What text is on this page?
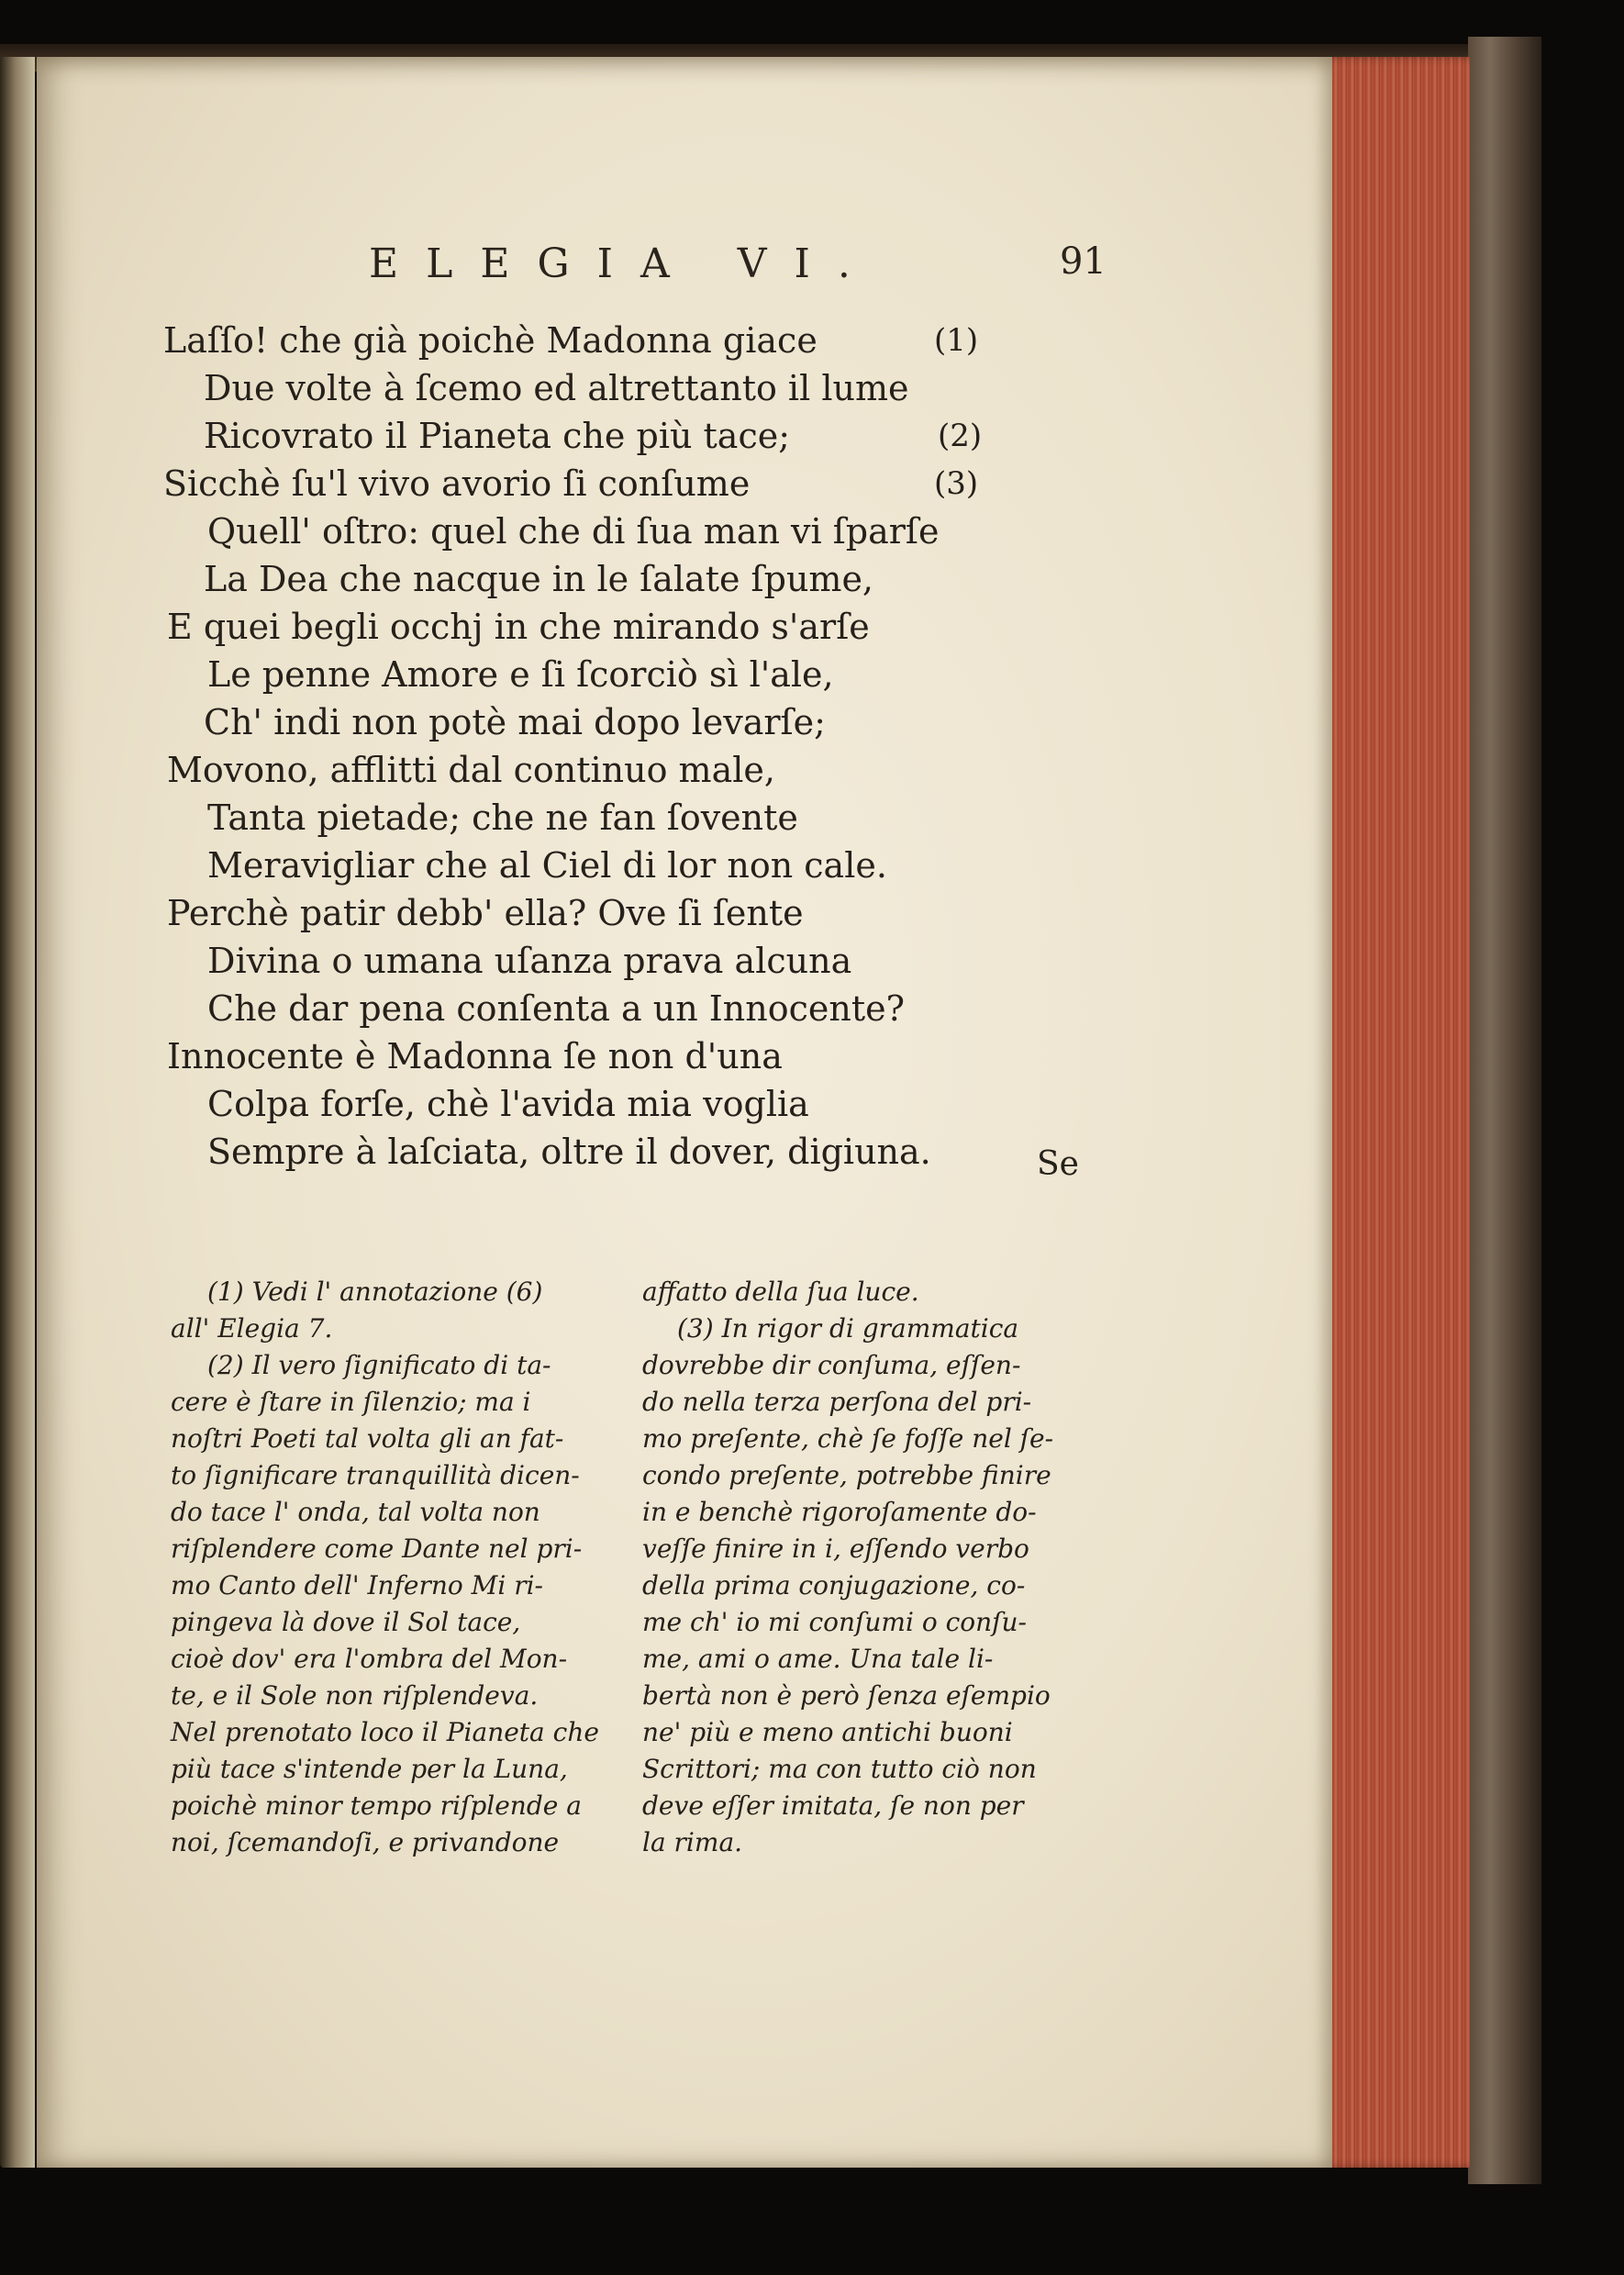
ELEGIA VI.	91
Laſſo! che già poichè Madonna giace	(1)
Due volte à ſcemo ed altrettanto il lume
Ricovrato il Pianeta che più tace;	(2)
Sicchè ſu'l vivo avorio ſi conſume	(3)
Quell' oſtro: quel che di ſua man vi ſparſe
La Dea che nacque in le ſalate ſpume,
E quei begli occhj in che mirando s'arſe
Le penne Amore e ſi ſcorciò sì l'ale,
Ch' indi non potè mai dopo levarſe;
Movono, afflitti dal continuo male,
Tanta pietade; che ne fan ſovente
Meravigliar che al Ciel di lor non cale.
Perchè patir debb' ella? Ove ſi ſente
Divina o umana uſanza prava alcuna
Che dar pena conſenta a un Innocente?
Innocente è Madonna ſe non d'una
Colpa forſe, chè l'avida mia voglia
Sempre à laſciata, oltre il dover, digiuna.	Se
(1) Vedi l' annotazione (6)
all' Elegia 7.
(2) Il vero ſignificato di ta-
cere è ſtare in ſilenzio; ma i
noſtri Poeti tal volta gli an fat-
to ſignificare tranquillità dicen-
do tace l' onda, tal volta non
riſplendere come Dante nel pri-
mo Canto dell' Inferno Mi ri-
pingeva là dove il Sol tace,
cioè dov' era l'ombra del Mon-
te, e il Sole non riſplendeva.
Nel prenotato loco il Pianeta che
più tace s'intende per la Luna,
poichè minor tempo riſplende a
noi, ſcemandoſi, e privandone
affatto della ſua luce.
(3) In rigor di grammatica
dovrebbe dir conſuma, eſſen-
do nella terza perſona del pri-
mo preſente, chè ſe foſſe nel ſe-
condo preſente, potrebbe finire
in e benchè rigoroſamente do-
veſſe finire in i, eſſendo verbo
della prima conjugazione, co-
me ch' io mi conſumi o conſu-
me, ami o ame. Una tale li-
bertà non è però ſenza eſempio
ne' più e meno antichi buoni
Scrittori; ma con tutto ciò non
deve eſſer imitata, ſe non per
la rima.
